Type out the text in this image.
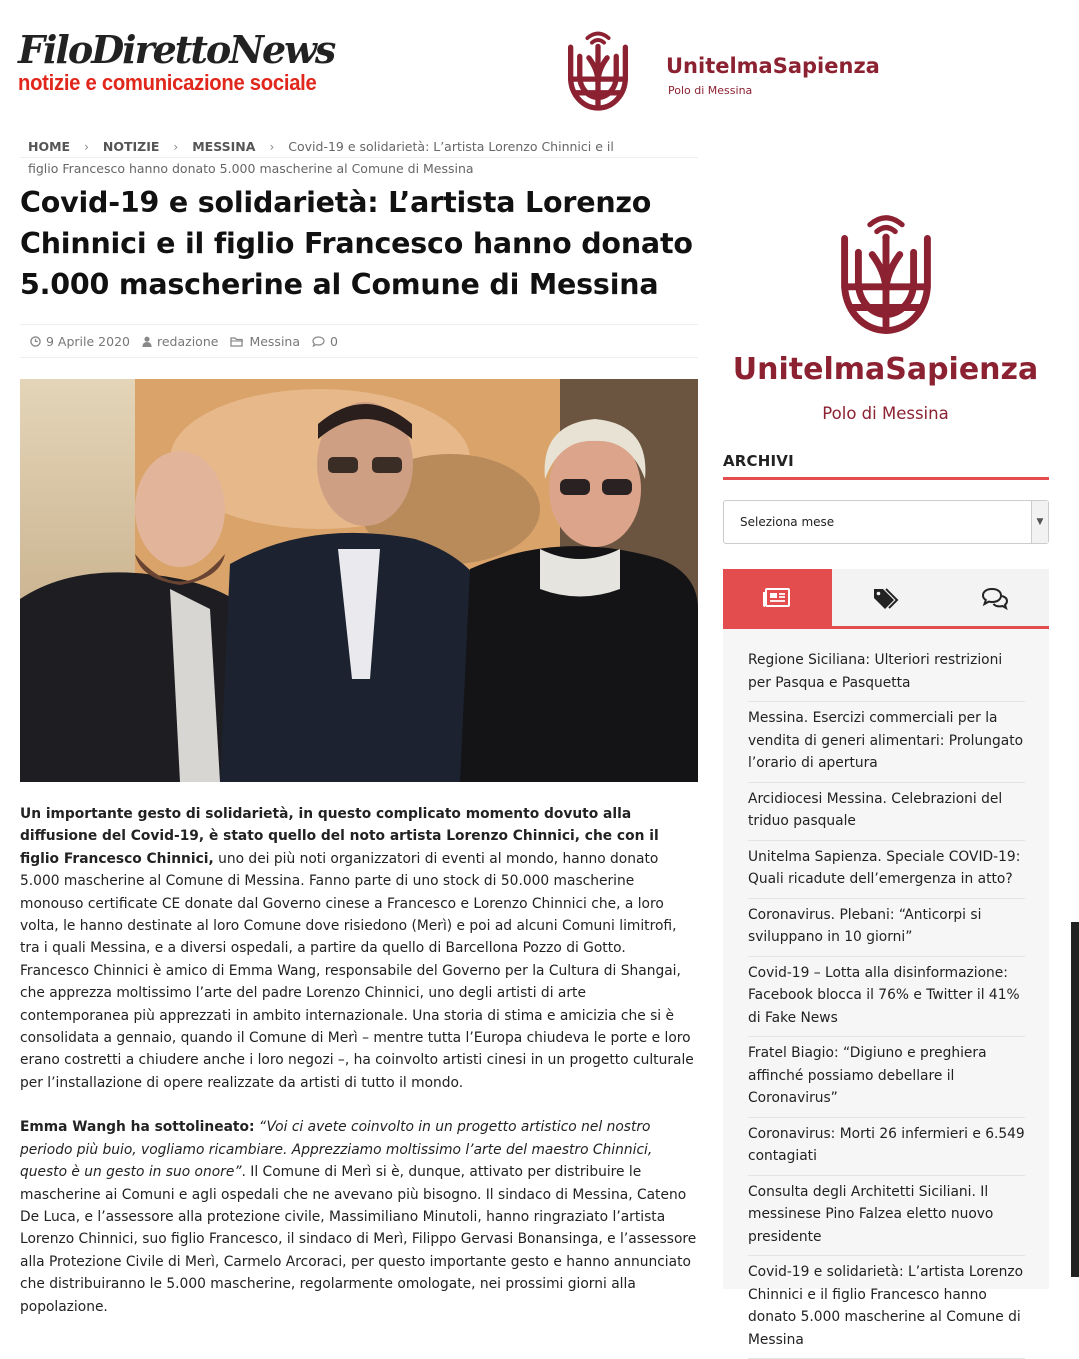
FiloDirettoNews
notizie e comunicazione sociale
UnitelmaSapienza
Polo di Messina
HOME › NOTIZIE › MESSINA › Covid-19 e solidarietà: L’artista Lorenzo Chinnici e il figlio Francesco hanno donato 5.000 mascherine al Comune di Messina
Covid-19 e solidarietà: L’artista Lorenzo Chinnici e il figlio Francesco hanno donato 5.000 mascherine al Comune di Messina
9 Aprile 2020 redazione Messina 0

Un importante gesto di solidarietà, in questo complicato momento dovuto alla diffusione del Covid-19, è stato quello del noto artista Lorenzo Chinnici, che con il figlio Francesco Chinnici, uno dei più noti organizzatori di eventi al mondo, hanno donato 5.000 mascherine al Comune di Messina. Fanno parte di uno stock di 50.000 mascherine monouso certificate CE donate dal Governo cinese a Francesco e Lorenzo Chinnici che, a loro volta, le hanno destinate al loro Comune dove risiedono (Merì) e poi ad alcuni Comuni limitrofi, tra i quali Messina, e a diversi ospedali, a partire da quello di Barcellona Pozzo di Gotto. Francesco Chinnici è amico di Emma Wang, responsabile del Governo per la Cultura di Shangai, che apprezza moltissimo l’arte del padre Lorenzo Chinnici, uno degli artisti di arte contemporanea più apprezzati in ambito internazionale. Una storia di stima e amicizia che si è consolidata a gennaio, quando il Comune di Merì – mentre tutta l’Europa chiudeva le porte e loro erano costretti a chiudere anche i loro negozi –, ha coinvolto artisti cinesi in un progetto culturale per l’installazione di opere realizzate da artisti di tutto il mondo.

Emma Wangh ha sottolineato: “Voi ci avete coinvolto in un progetto artistico nel nostro periodo più buio, vogliamo ricambiare. Apprezziamo moltissimo l’arte del maestro Chinnici, questo è un gesto in suo onore”. Il Comune di Merì si è, dunque, attivato per distribuire le mascherine ai Comuni e agli ospedali che ne avevano più bisogno. Il sindaco di Messina, Cateno De Luca, e l’assessore alla protezione civile, Massimiliano Minutoli, hanno ringraziato l’artista Lorenzo Chinnici, suo figlio Francesco, il sindaco di Merì, Filippo Gervasi Bonansinga, e l’assessore alla Protezione Civile di Merì, Carmelo Arcoraci, per questo importante gesto e hanno annunciato che distribuiranno le 5.000 mascherine, regolarmente omologate, nei prossimi giorni alla popolazione.

UnitelmaSapienza
Polo di Messina
ARCHIVI
Seleziona mese	▼
Regione Siciliana: Ulteriori restrizioni per Pasqua e Pasquetta
Messina. Esercizi commerciali per la vendita di generi alimentari: Prolungato l’orario di apertura
Arcidiocesi Messina. Celebrazioni del triduo pasquale
Unitelma Sapienza. Speciale COVID-19: Quali ricadute dell’emergenza in atto?
Coronavirus. Plebani: “Anticorpi si sviluppano in 10 giorni”
Covid-19 – Lotta alla disinformazione: Facebook blocca il 76% e Twitter il 41% di Fake News
Fratel Biagio: “Digiuno e preghiera affinché possiamo debellare il Coronavirus”
Coronavirus: Morti 26 infermieri e 6.549 contagiati
Consulta degli Architetti Siciliani. Il messinese Pino Falzea eletto nuovo presidente
Covid-19 e solidarietà: L’artista Lorenzo Chinnici e il figlio Francesco hanno donato 5.000 mascherine al Comune di Messina
